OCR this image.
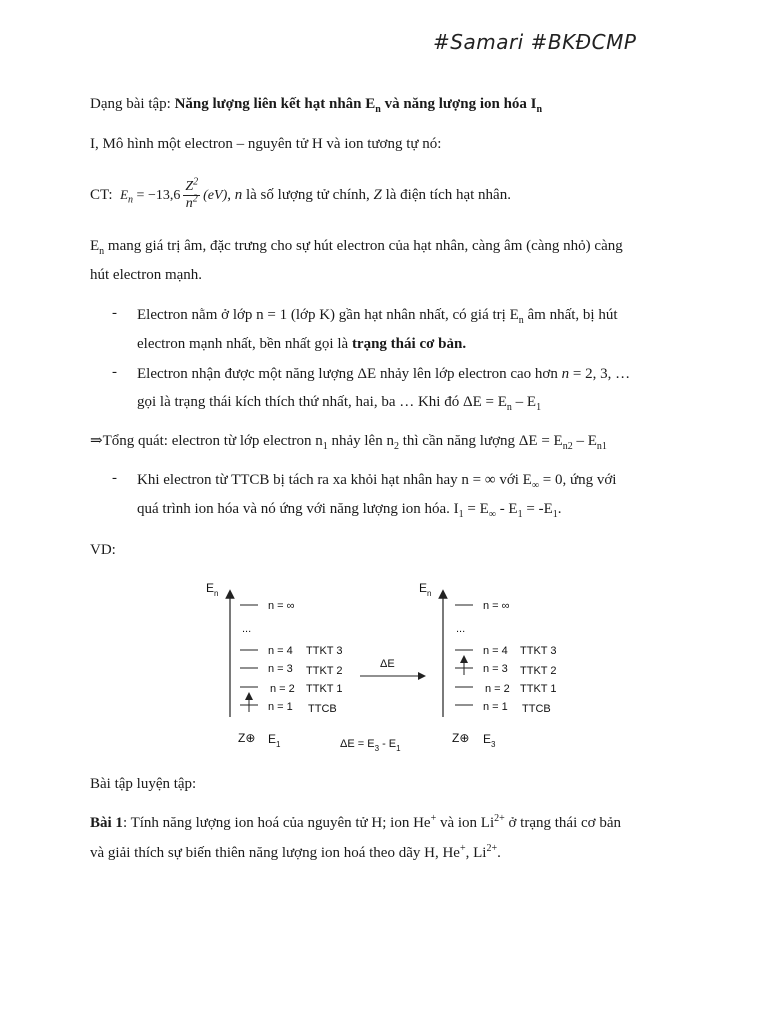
#Samari #BKĐCMP
Dạng bài tập: Năng lượng liên kết hạt nhân $E_n$ và năng lượng ion hóa $I_n$
I, Mô hình một electron – nguyên tử H và ion tương tự nó:
CT: $E_n = -13,6 \frac{Z^2}{n^2} (eV)$, n là số lượng tử chính, Z là điện tích hạt nhân.
$E_n$ mang giá trị âm, đặc trưng cho sự hút electron của hạt nhân, càng âm (càng nhỏ) càng
hút electron mạnh.
- Electron nằm ở lớp n = 1 (lớp K) gần hạt nhân nhất, có giá trị $E_n$ âm nhất, bị hút
electron mạnh nhất, bền nhất gọi là trạng thái cơ bản.
- Electron nhận được một năng lượng ΔE nhảy lên lớp electron cao hơn n = 2, 3, …
gọi là trạng thái kích thích thứ nhất, hai, ba … Khi đó $\Delta E = E_n - E_1$
⇒Tổng quát: electron từ lớp electron $n_1$ nhảy lên $n_2$ thì cần năng lượng $\Delta E = E_{n2} - E_{n1}$
- Khi electron từ TTCB bị tách ra xa khỏi hạt nhân hay n = ∞ với $E_\infty = 0$, ứng với
quá trình ion hóa và nó ứng với năng lượng ion hóa. $I_1 = E_\infty - E_1 = -E_1$.
VD:
$E_n$
n = ∞
...
n = 4 TTKT 3
n = 3 TTKT 2
n = 2 TTKT 1
n = 1 TTCB
Z⊕ $E_1$
ΔE
$\Delta E = E_3 - E_1$
$E_n$
n = ∞
...
n = 4 TTKT 3
n = 3 TTKT 2
n = 2 TTKT 1
n = 1 TTCB
Z⊕ $E_3$
Bài tập luyện tập:
Bài 1: Tính năng lượng ion hoá của nguyên tử H; ion He+ và ion $Li^{2+}$ ở trạng thái cơ bản
và giải thích sự biến thiên năng lượng ion hoá theo dãy H, He+, $Li^{2+}$.
